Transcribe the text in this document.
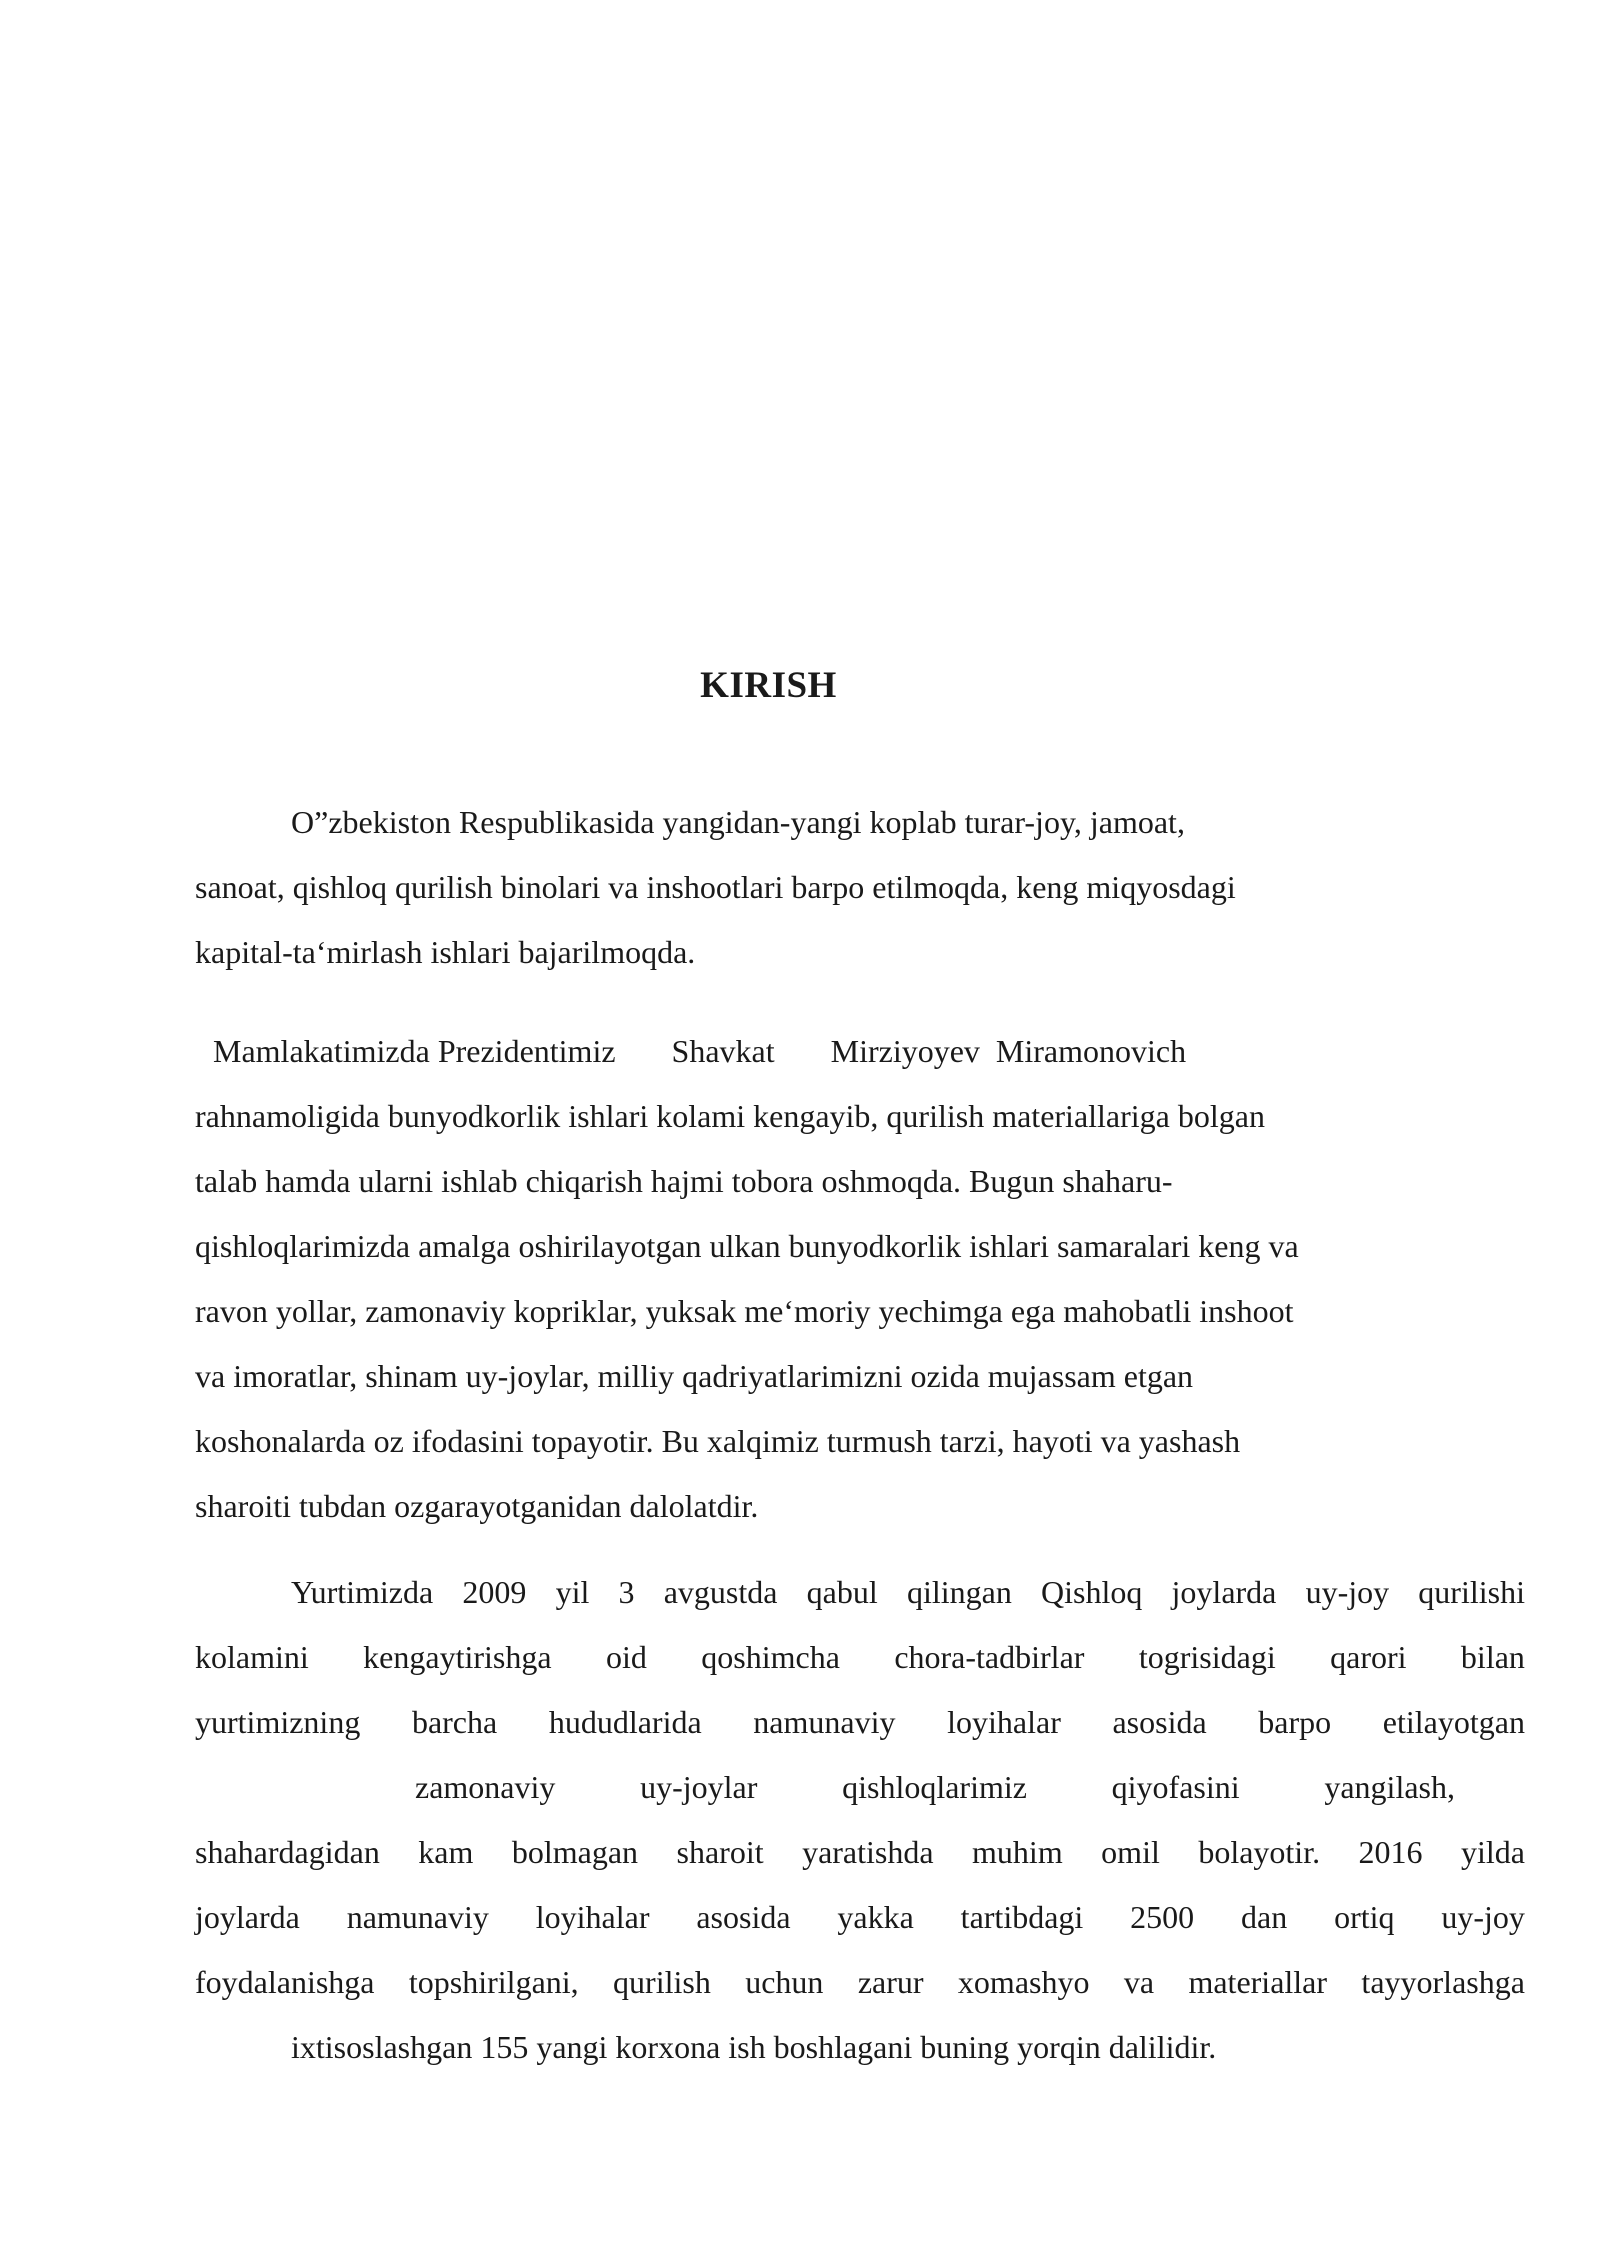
KIRISH
O”zbekiston Respublikasida yangidan-yangi koplab turar-joy, jamoat,
sanoat, qishloq qurilish binolari va inshootlari barpo etilmoqda, keng miqyosdagi
kapital-ta‘mirlash ishlari bajarilmoqda.
Mamlakatimizda Prezidentimiz       Shavkat       Mirziyoyev  Miramonovich
rahnamoligida bunyodkorlik ishlari kolami kengayib, qurilish materiallariga bolgan
talab hamda ularni ishlab chiqarish hajmi tobora oshmoqda. Bugun shaharu-
qishloqlarimizda amalga oshirilayotgan ulkan bunyodkorlik ishlari samaralari keng va
ravon yollar, zamonaviy kopriklar, yuksak me‘moriy yechimga ega mahobatli inshoot
va imoratlar, shinam uy-joylar, milliy qadriyatlarimizni ozida mujassam etgan
koshonalarda oz ifodasini topayotir. Bu xalqimiz turmush tarzi, hayoti va yashash
sharoiti tubdan ozgarayotganidan dalolatdir.
Yurtimizda 2009 yil 3 avgustda qabul qilingan Qishloq joylarda uy-joy qurilishi
kolamini kengaytirishga oid qoshimcha chora-tadbirlar togrisidagi qarori bilan
yurtimizning barcha hududlarida namunaviy loyihalar asosida barpo etilayotgan
zamonaviy	uy-joylar	qishloqlarimiz	qiyofasini	yangilash,
shahardagidan kam bolmagan sharoit yaratishda muhim omil bolayotir. 2016 yilda
joylarda namunaviy loyihalar asosida yakka tartibdagi 2500 dan ortiq uy-joy
foydalanishga topshirilgani, qurilish uchun zarur xomashyo va materiallar tayyorlashga
ixtisoslashgan 155 yangi korxona ish boshlagani buning yorqin dalilidir.
